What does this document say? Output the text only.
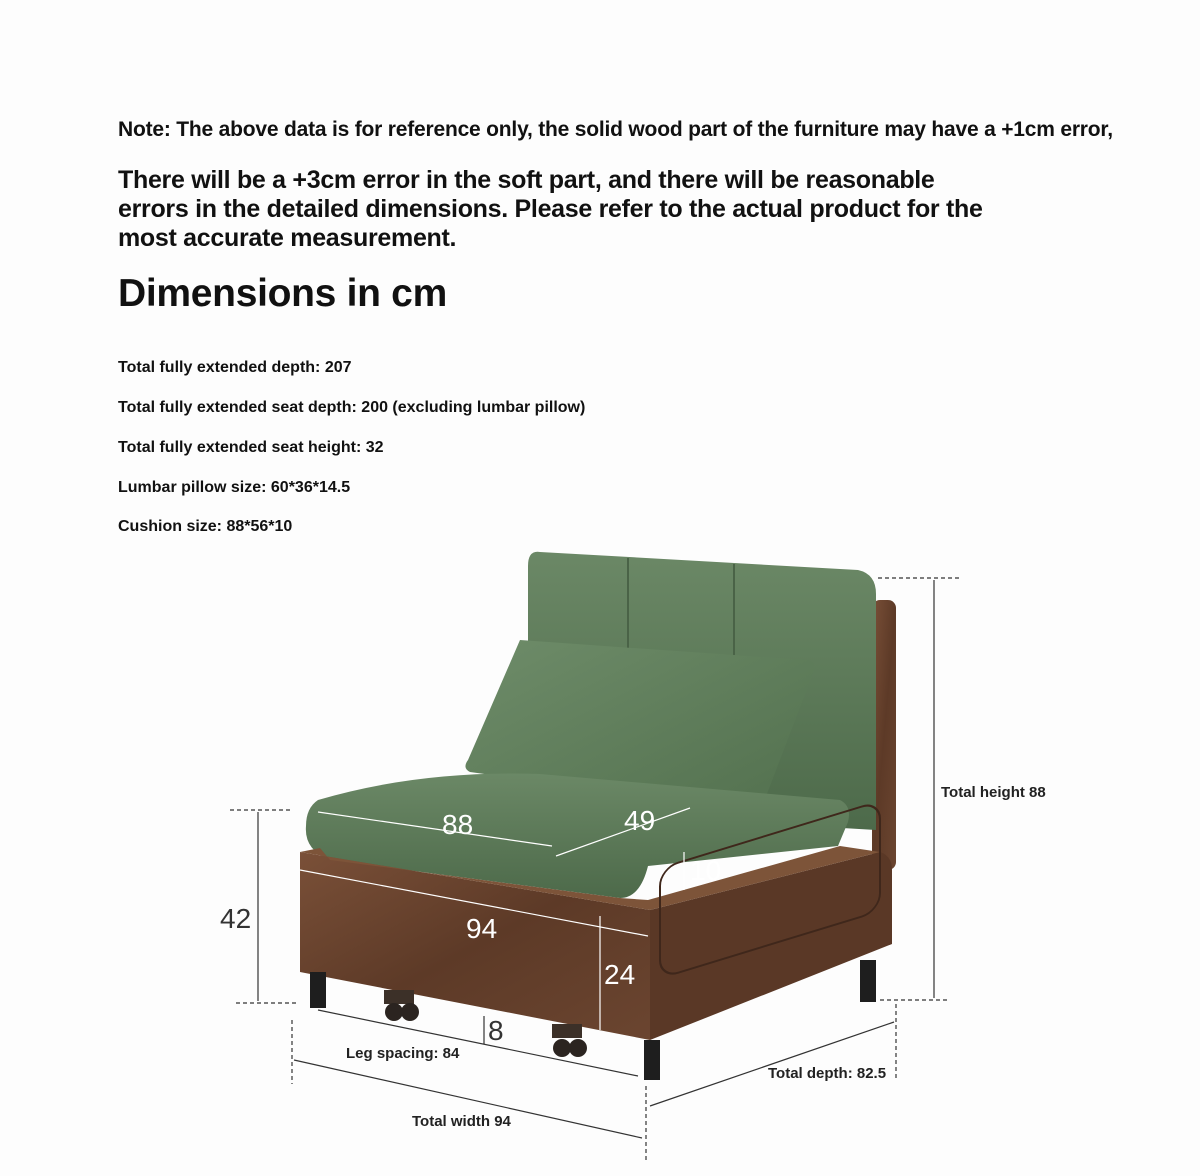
Note: The above data is for reference only, the solid wood part of the furniture may have a +1cm error,
There will be a +3cm error in the soft part, and there will be reasonable
errors in the detailed dimensions. Please refer to the actual product for the
most accurate measurement.
Dimensions in cm
Total fully extended depth: 207
Total fully extended seat depth: 200 (excluding lumbar pillow)
Total fully extended seat height: 32
Lumbar pillow size: 60*36*14.5
Cushion size: 88*56*10
42
88	49
10
94
24
8
Leg spacing: 84
Total width 94
Total depth: 82.5
Total height 88
